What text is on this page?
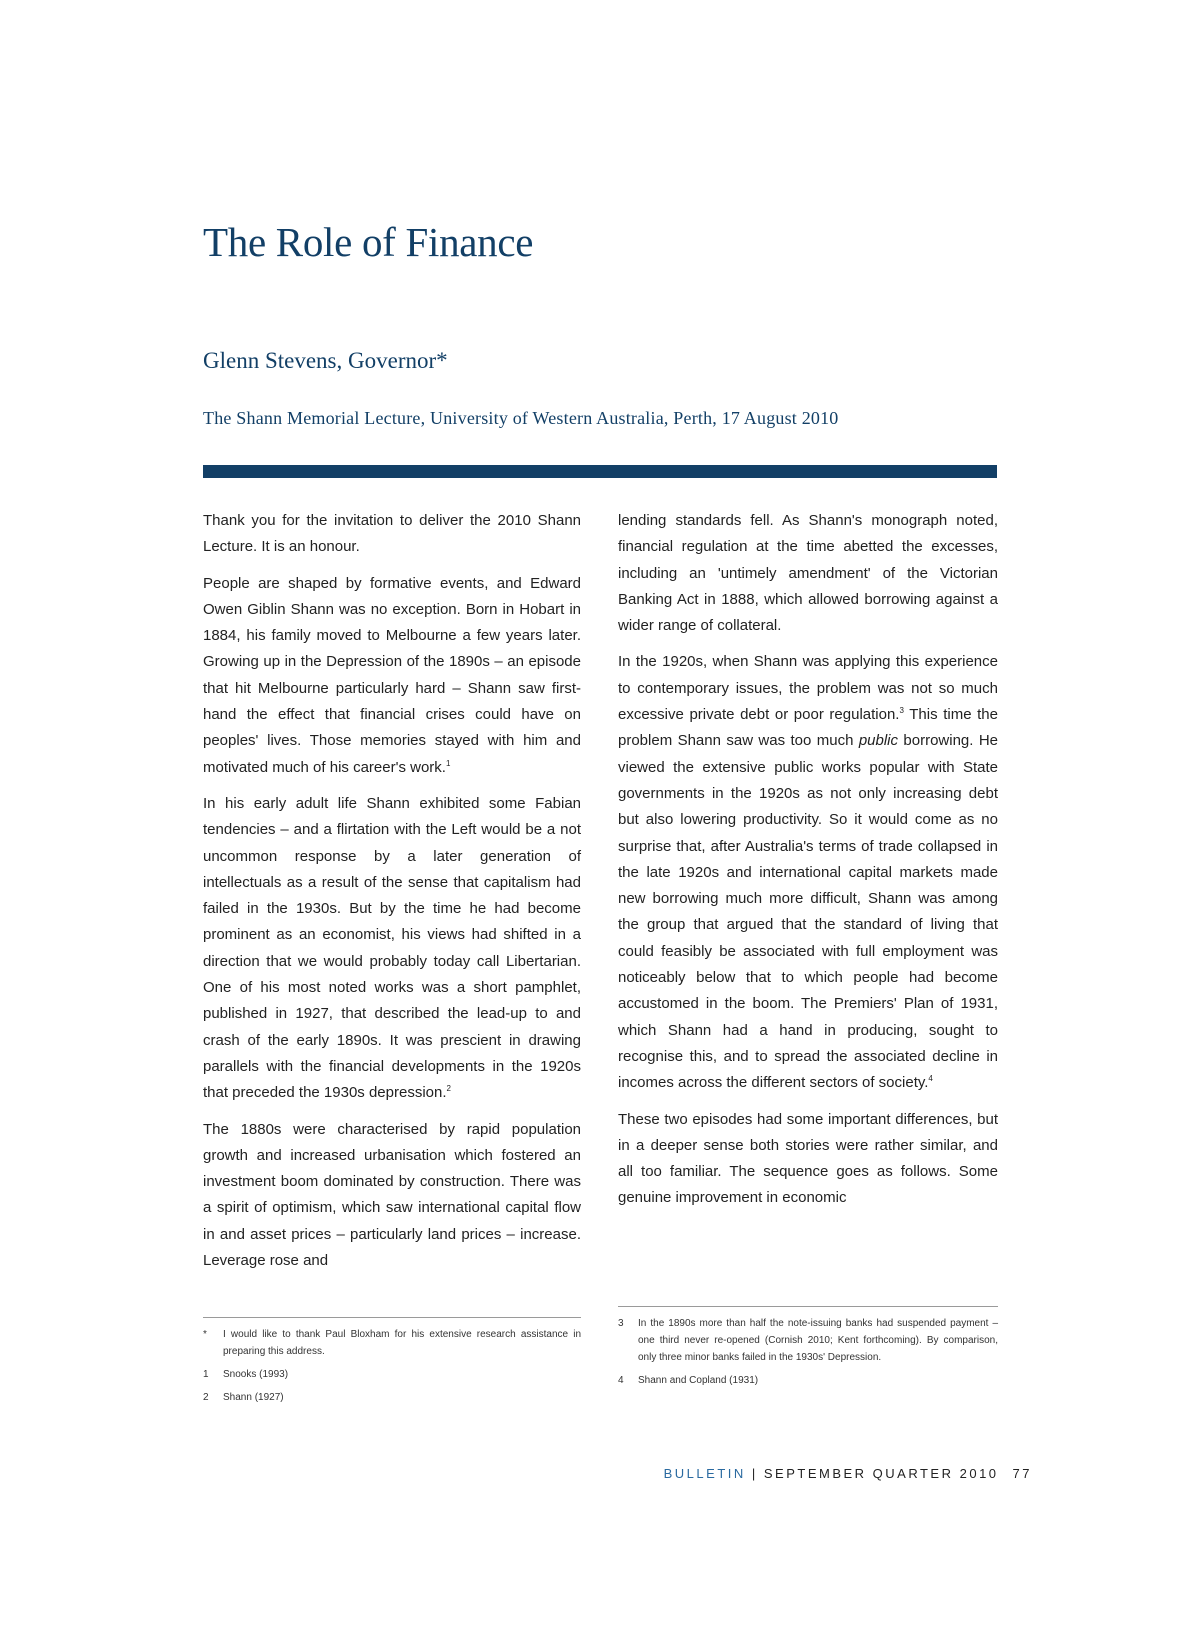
The Role of Finance
Glenn Stevens, Governor*
The Shann Memorial Lecture, University of Western Australia, Perth, 17 August 2010

Thank you for the invitation to deliver the 2010 Shann Lecture. It is an honour.

People are shaped by formative events, and Edward Owen Giblin Shann was no exception. Born in Hobart in 1884, his family moved to Melbourne a few years later. Growing up in the Depression of the 1890s – an episode that hit Melbourne particularly hard – Shann saw first-hand the effect that financial crises could have on peoples' lives. Those memories stayed with him and motivated much of his career's work.$^1$

In his early adult life Shann exhibited some Fabian tendencies – and a flirtation with the Left would be a not uncommon response by a later generation of intellectuals as a result of the sense that capitalism had failed in the 1930s. But by the time he had become prominent as an economist, his views had shifted in a direction that we would probably today call Libertarian. One of his most noted works was a short pamphlet, published in 1927, that described the lead-up to and crash of the early 1890s. It was prescient in drawing parallels with the financial developments in the 1920s that preceded the 1930s depression.$^2$

The 1880s were characterised by rapid population growth and increased urbanisation which fostered an investment boom dominated by construction. There was a spirit of optimism, which saw international capital flow in and asset prices – particularly land prices – increase. Leverage rose and

lending standards fell. As Shann's monograph noted, financial regulation at the time abetted the excesses, including an 'untimely amendment' of the Victorian Banking Act in 1888, which allowed borrowing against a wider range of collateral.

In the 1920s, when Shann was applying this experience to contemporary issues, the problem was not so much excessive private debt or poor regulation.$^3$ This time the problem Shann saw was too much public borrowing. He viewed the extensive public works popular with State governments in the 1920s as not only increasing debt but also lowering productivity. So it would come as no surprise that, after Australia's terms of trade collapsed in the late 1920s and international capital markets made new borrowing much more difficult, Shann was among the group that argued that the standard of living that could feasibly be associated with full employment was noticeably below that to which people had become accustomed in the boom. The Premiers' Plan of 1931, which Shann had a hand in producing, sought to recognise this, and to spread the associated decline in incomes across the different sectors of society.$^4$

These two episodes had some important differences, but in a deeper sense both stories were rather similar, and all too familiar. The sequence goes as follows. Some genuine improvement in economic

*	I would like to thank Paul Bloxham for his extensive research assistance in preparing this address.
1	Snooks (1993)
2	Shann (1927)
3	In the 1890s more than half the note-issuing banks had suspended payment – one third never re-opened (Cornish 2010; Kent forthcoming). By comparison, only three minor banks failed in the 1930s' Depression.
4	Shann and Copland (1931)
BULLETIN | SEPTEMBER QUARTER 2010 77
